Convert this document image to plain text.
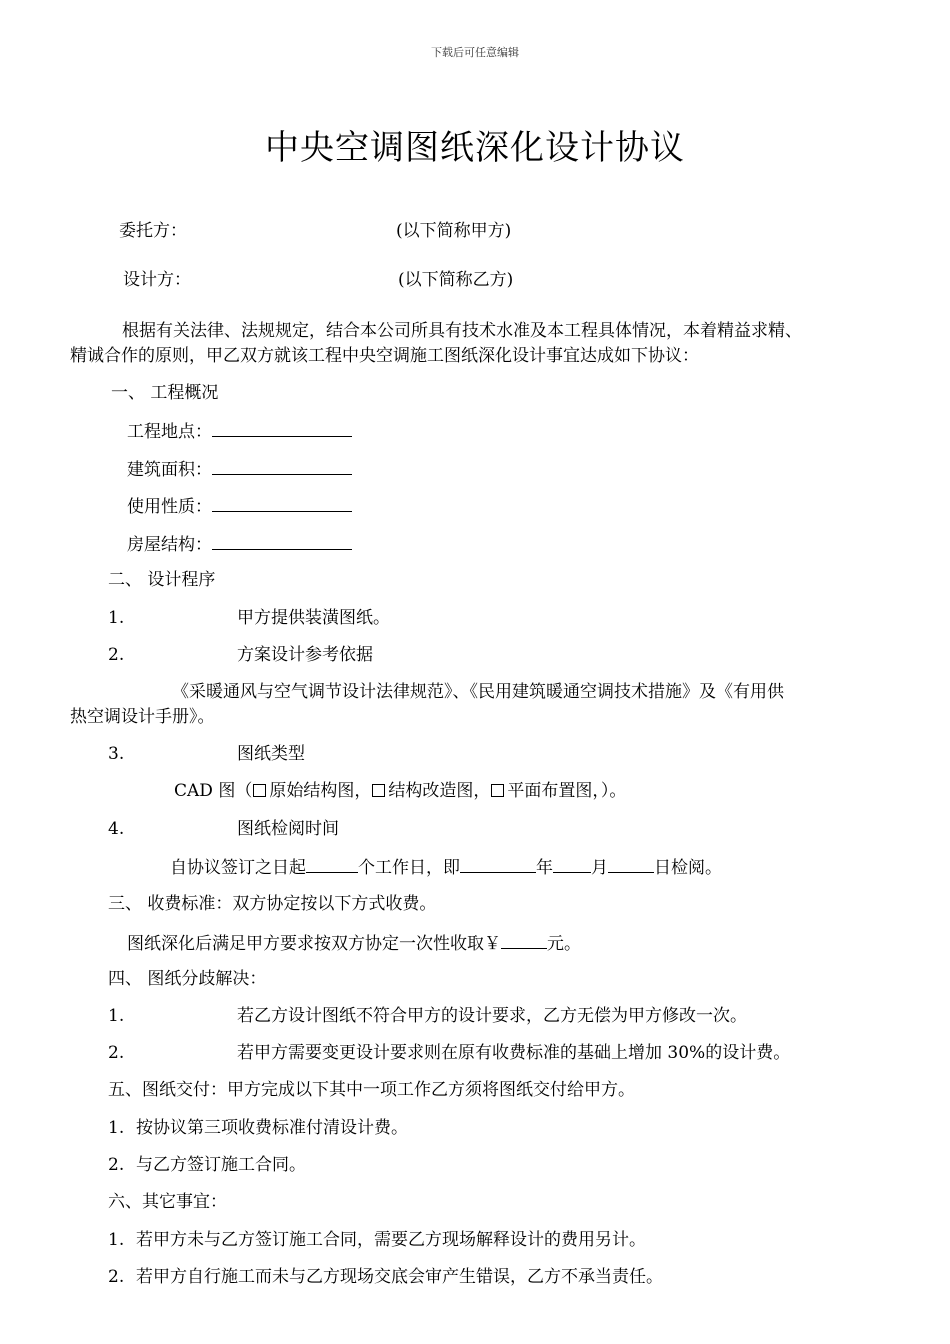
下载后可任意编辑
中央空调图纸深化设计协议
委托方：	(以下简称甲方)
设计方：	(以下简称乙方)
根据有关法律、法规规定，结合本公司所具有技术水准及本工程具体情况，本着精益求精、
精诚合作的原则，甲乙双方就该工程中央空调施工图纸深化设计事宜达成如下协议：
一、 工程概况
工程地点：
建筑面积：
使用性质：
房屋结构：
二、 设计程序
1.	甲方提供装潢图纸。
2.	方案设计参考依据
《采暖通风与空气调节设计法律规范》、《民用建筑暖通空调技术措施》及《有用供
热空调设计手册》。
3.	图纸类型
CAD 图（ 原始结构图， 结构改造图， 平面布置图，）。
4.	图纸检阅时间
自协议签订之日起	个工作日，即	年 月	日检阅。
三、 收费标准：双方协定按以下方式收费。
图纸深化后满足甲方要求按双方协定一次性收取￥	元。
四、 图纸分歧解决：
1.	若乙方设计图纸不符合甲方的设计要求，乙方无偿为甲方修改一次。
2.	若甲方需要变更设计要求则在原有收费标准的基础上增加 30%的设计费。
五、图纸交付：甲方完成以下其中一项工作乙方须将图纸交付给甲方。
1. 按协议第三项收费标准付清设计费。
2. 与乙方签订施工合同。
六、其它事宜：
1. 若甲方未与乙方签订施工合同，需要乙方现场解释设计的费用另计。
2. 若甲方自行施工而未与乙方现场交底会审产生错误，乙方不承当责任。
